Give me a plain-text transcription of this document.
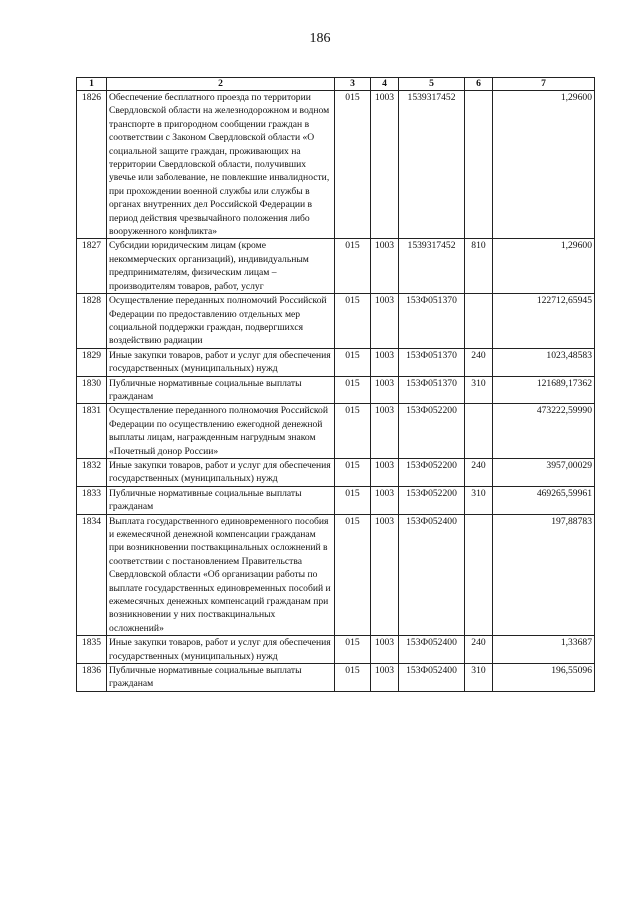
186
1	2	3	4	5	6	7
1826	Обеспечение бесплатного проезда по территории Свердловской области на железнодорожном и водном транспорте в пригородном сообщении граждан в соответствии с Законом Свердловской области «О социальной защите граждан, проживающих на территории Свердловской области, получивших увечье или заболевание, не повлекшие инвалидности, при прохождении военной службы или службы в органах внутренних дел Российской Федерации в период действия чрезвычайного положения либо вооруженного конфликта»	015	1003	1539317452		1,29600
1827	Субсидии юридическим лицам (кроме некоммерческих организаций), индивидуальным предпринимателям, физическим лицам – производителям товаров, работ, услуг	015	1003	1539317452	810	1,29600
1828	Осуществление переданных полномочий Российской Федерации по предоставлению отдельных мер социальной поддержки граждан, подвергшихся воздействию радиации	015	1003	153Ф051370		122712,65945
1829	Иные закупки товаров, работ и услуг для обеспечения государственных (муниципальных) нужд	015	1003	153Ф051370	240	1023,48583
1830	Публичные нормативные социальные выплаты гражданам	015	1003	153Ф051370	310	121689,17362
1831	Осуществление переданного полномочия Российской Федерации по осуществлению ежегодной денежной выплаты лицам, награжденным нагрудным знаком «Почетный донор России»	015	1003	153Ф052200		473222,59990
1832	Иные закупки товаров, работ и услуг для обеспечения государственных (муниципальных) нужд	015	1003	153Ф052200	240	3957,00029
1833	Публичные нормативные социальные выплаты гражданам	015	1003	153Ф052200	310	469265,59961
1834	Выплата государственного единовременного пособия и ежемесячной денежной компенсации гражданам при возникновении поствакцинальных осложнений в соответствии с постановлением Правительства Свердловской области «Об организации работы по выплате государственных единовременных пособий и ежемесячных денежных компенсаций гражданам при возникновении у них поствакцинальных осложнений»	015	1003	153Ф052400		197,88783
1835	Иные закупки товаров, работ и услуг для обеспечения государственных (муниципальных) нужд	015	1003	153Ф052400	240	1,33687
1836	Публичные нормативные социальные выплаты гражданам	015	1003	153Ф052400	310	196,55096
